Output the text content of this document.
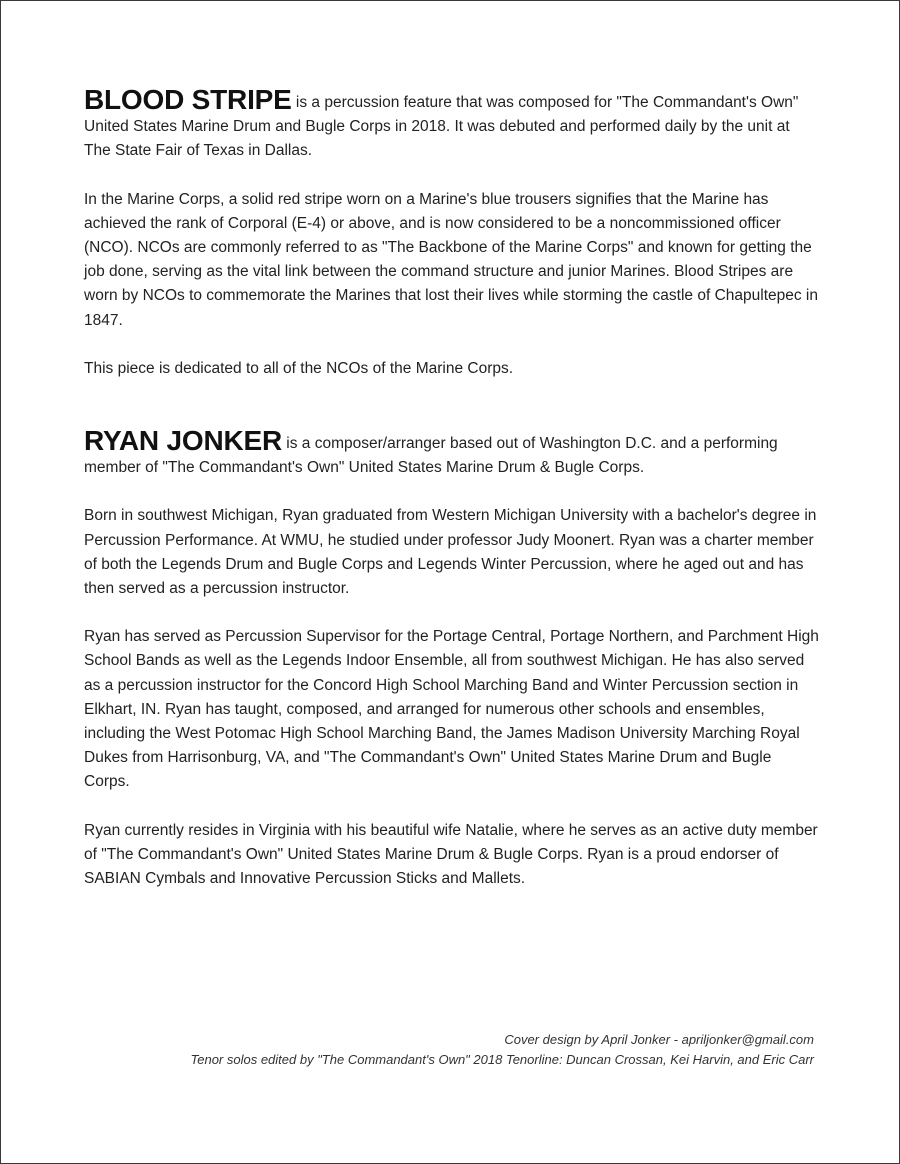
BLOOD STRIPE is a percussion feature that was composed for "The Commandant's Own" United States Marine Drum and Bugle Corps in 2018. It was debuted and performed daily by the unit at The State Fair of Texas in Dallas.

In the Marine Corps, a solid red stripe worn on a Marine's blue trousers signifies that the Marine has achieved the rank of Corporal (E-4) or above, and is now considered to be a noncommissioned officer (NCO). NCOs are commonly referred to as "The Backbone of the Marine Corps" and known for getting the job done, serving as the vital link between the command structure and junior Marines. Blood Stripes are worn by NCOs to commemorate the Marines that lost their lives while storming the castle of Chapultepec in 1847.

This piece is dedicated to all of the NCOs of the Marine Corps.

RYAN JONKER is a composer/arranger based out of Washington D.C. and a performing member of "The Commandant's Own" United States Marine Drum & Bugle Corps.

Born in southwest Michigan, Ryan graduated from Western Michigan University with a bachelor's degree in Percussion Performance. At WMU, he studied under professor Judy Moonert. Ryan was a charter member of both the Legends Drum and Bugle Corps and Legends Winter Percussion, where he aged out and has then served as a percussion instructor.

Ryan has served as Percussion Supervisor for the Portage Central, Portage Northern, and Parchment High School Bands as well as the Legends Indoor Ensemble, all from southwest Michigan. He has also served as a percussion instructor for the Concord High School Marching Band and Winter Percussion section in Elkhart, IN. Ryan has taught, composed, and arranged for numerous other schools and ensembles, including the West Potomac High School Marching Band, the James Madison University Marching Royal Dukes from Harrisonburg, VA, and "The Commandant's Own" United States Marine Drum and Bugle Corps.

Ryan currently resides in Virginia with his beautiful wife Natalie, where he serves as an active duty member of "The Commandant's Own" United States Marine Drum & Bugle Corps. Ryan is a proud endorser of SABIAN Cymbals and Innovative Percussion Sticks and Mallets.

Cover design by April Jonker - apriljonker@gmail.com
Tenor solos edited by "The Commandant's Own" 2018 Tenorline: Duncan Crossan, Kei Harvin, and Eric Carr
